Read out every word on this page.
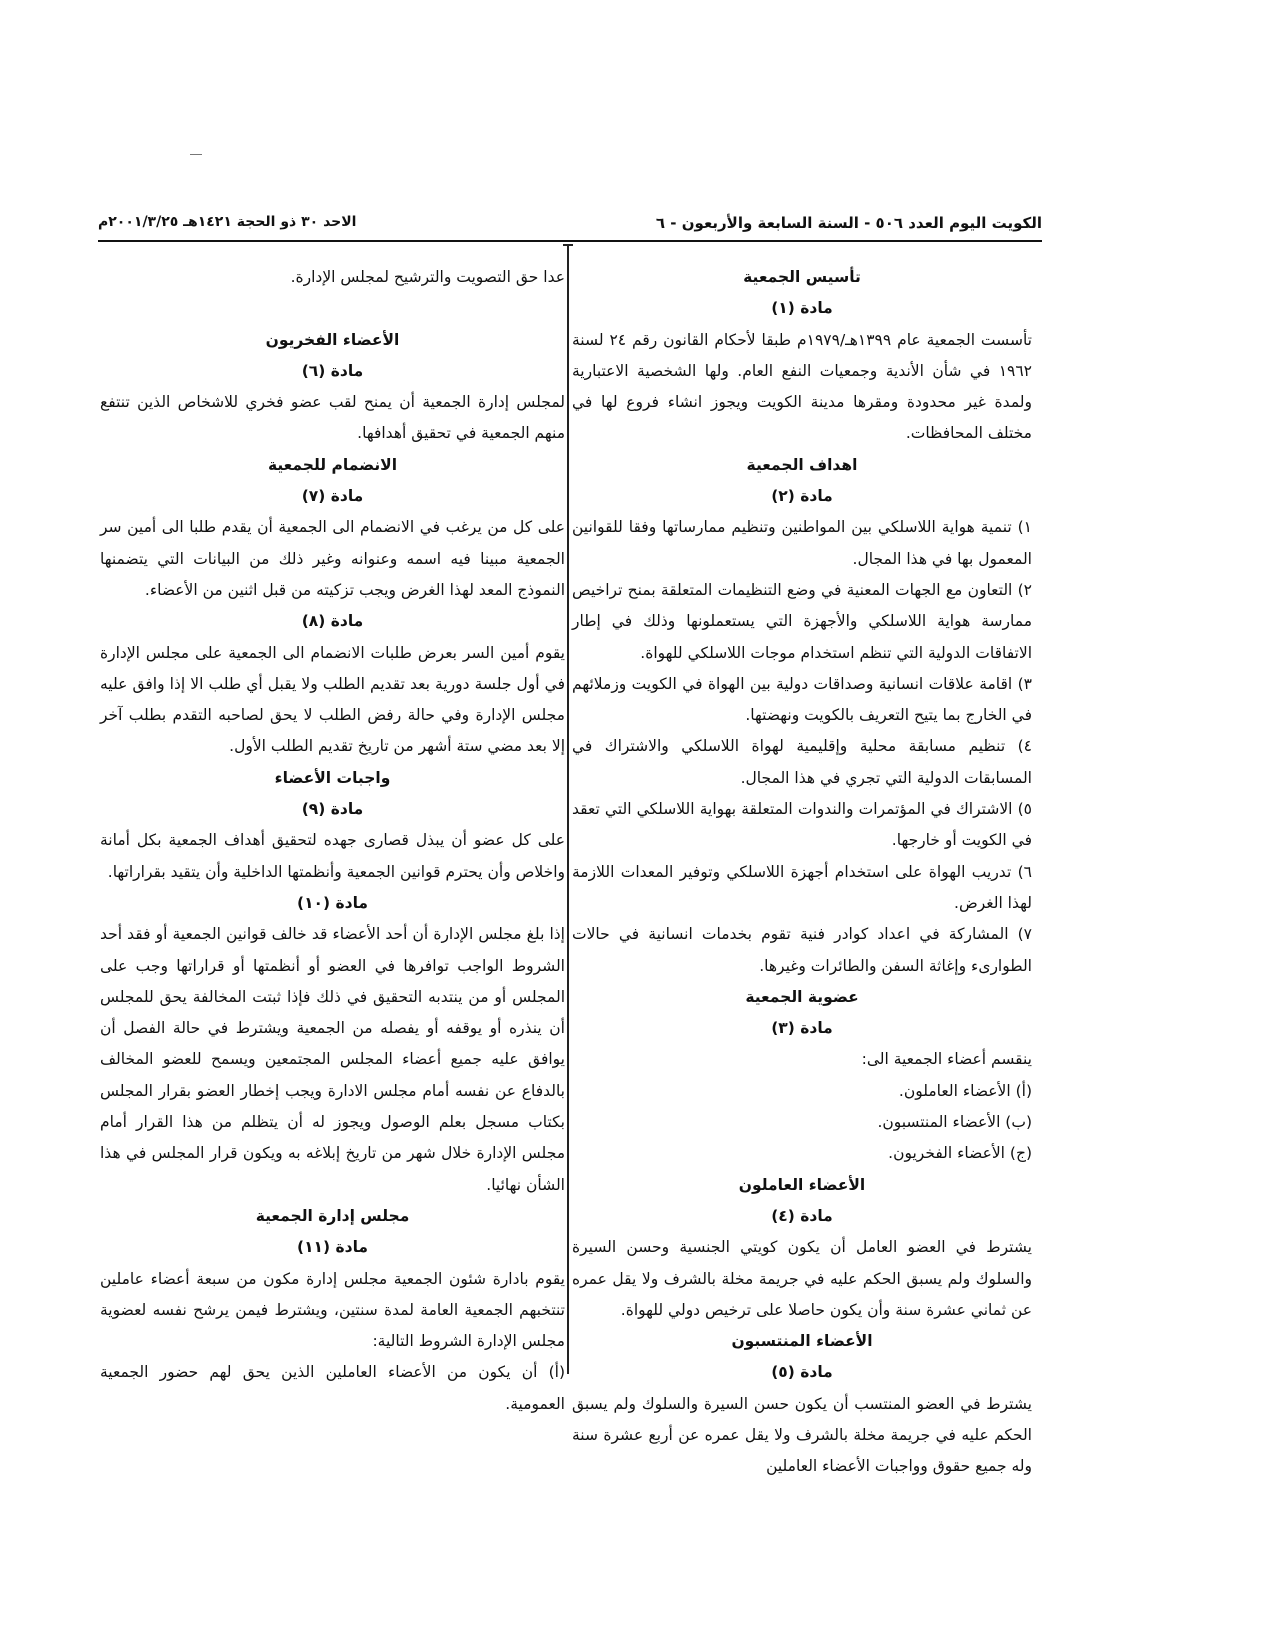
الكويت اليوم العدد ٥٠٦ - السنة السابعة والأربعون - ٦
الاحد ٣٠ ذو الحجة ١٤٢١هـ ٢٠٠١/٣/٢٥م

تأسيس الجمعية

مادة (١)

تأسست الجمعية عام ١٣٩٩هـ/١٩٧٩م طبقا لأحكام القانون رقم ٢٤ لسنة ١٩٦٢ في شأن الأندية وجمعيات النفع العام. ولها الشخصية الاعتبارية ولمدة غير محدودة ومقرها مدينة الكويت ويجوز انشاء فروع لها في مختلف المحافظات.

اهداف الجمعية

مادة (٢)

١) تنمية هواية اللاسلكي بين المواطنين وتنظيم ممارساتها وفقا للقوانين المعمول بها في هذا المجال.

٢) التعاون مع الجهات المعنية في وضع التنظيمات المتعلقة بمنح تراخيص ممارسة هواية اللاسلكي والأجهزة التي يستعملونها وذلك في إطار الاتفاقات الدولية التي تنظم استخدام موجات اللاسلكي للهواة.

٣) اقامة علاقات انسانية وصداقات دولية بين الهواة في الكويت وزملائهم في الخارج بما يتيح التعريف بالكويت ونهضتها.

٤) تنظيم مسابقة محلية وإقليمية لهواة اللاسلكي والاشتراك في المسابقات الدولية التي تجري في هذا المجال.

٥) الاشتراك في المؤتمرات والندوات المتعلقة بهواية اللاسلكي التي تعقد في الكويت أو خارجها.

٦) تدريب الهواة على استخدام أجهزة اللاسلكي وتوفير المعدات اللازمة لهذا الغرض.

٧) المشاركة في اعداد كوادر فنية تقوم بخدمات انسانية في حالات الطوارىء وإغاثة السفن والطائرات وغيرها.

عضوية الجمعية

مادة (٣)

ينقسم أعضاء الجمعية الى:

(أ) الأعضاء العاملون.

(ب) الأعضاء المنتسبون.

(ج) الأعضاء الفخريون.

الأعضاء العاملون

مادة (٤)

يشترط في العضو العامل أن يكون كويتي الجنسية وحسن السيرة والسلوك ولم يسبق الحكم عليه في جريمة مخلة بالشرف ولا يقل عمره عن ثماني عشرة سنة وأن يكون حاصلا على ترخيص دولي للهواة.

الأعضاء المنتسبون

مادة (٥)

يشترط في العضو المنتسب أن يكون حسن السيرة والسلوك ولم يسبق الحكم عليه في جريمة مخلة بالشرف ولا يقل عمره عن أربع عشرة سنة وله جميع حقوق وواجبات الأعضاء العاملين

عدا حق التصويت والترشيح لمجلس الإدارة.

الأعضاء الفخريون

مادة (٦)

لمجلس إدارة الجمعية أن يمنح لقب عضو فخري للاشخاص الذين تنتفع منهم الجمعية في تحقيق أهدافها.

الانضمام للجمعية

مادة (٧)

على كل من يرغب في الانضمام الى الجمعية أن يقدم طلبا الى أمين سر الجمعية مبينا فيه اسمه وعنوانه وغير ذلك من البيانات التي يتضمنها النموذج المعد لهذا الغرض ويجب تزكيته من قبل اثنين من الأعضاء.

مادة (٨)

يقوم أمين السر بعرض طلبات الانضمام الى الجمعية على مجلس الإدارة في أول جلسة دورية بعد تقديم الطلب ولا يقبل أي طلب الا إذا وافق عليه مجلس الإدارة وفي حالة رفض الطلب لا يحق لصاحبه التقدم بطلب آخر إلا بعد مضي ستة أشهر من تاريخ تقديم الطلب الأول.

واجبات الأعضاء

مادة (٩)

على كل عضو أن يبذل قصارى جهده لتحقيق أهداف الجمعية بكل أمانة واخلاص وأن يحترم قوانين الجمعية وأنظمتها الداخلية وأن يتقيد بقراراتها.

مادة (١٠)

إذا بلغ مجلس الإدارة أن أحد الأعضاء قد خالف قوانين الجمعية أو فقد أحد الشروط الواجب توافرها في العضو أو أنظمتها أو قراراتها وجب على المجلس أو من ينتدبه التحقيق في ذلك فإذا ثبتت المخالفة يحق للمجلس أن ينذره أو يوقفه أو يفصله من الجمعية ويشترط في حالة الفصل أن يوافق عليه جميع أعضاء المجلس المجتمعين ويسمح للعضو المخالف بالدفاع عن نفسه أمام مجلس الادارة ويجب إخطار العضو بقرار المجلس بكتاب مسجل بعلم الوصول ويجوز له أن يتظلم من هذا القرار أمام مجلس الإدارة خلال شهر من تاريخ إبلاغه به ويكون قرار المجلس في هذا الشأن نهائيا.

مجلس إدارة الجمعية

مادة (١١)

يقوم بادارة شئون الجمعية مجلس إدارة مكون من سبعة أعضاء عاملين تنتخبهم الجمعية العامة لمدة سنتين، ويشترط فيمن يرشح نفسه لعضوية مجلس الإدارة الشروط التالية:

(أ) أن يكون من الأعضاء العاملين الذين يحق لهم حضور الجمعية العمومية.
